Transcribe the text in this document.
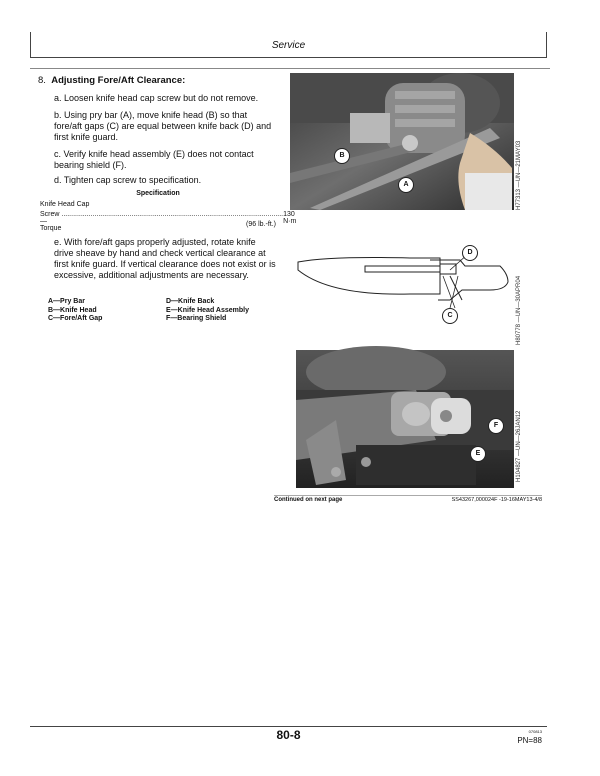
Service
8. Adjusting Fore/Aft Clearance:
a. Loosen knife head cap screw but do not remove.
b. Using pry bar (A), move knife head (B) so that fore/aft gaps (C) are equal between knife back (D) and first knife guard.
c. Verify knife head assembly (E) does not contact bearing shield (F).
d. Tighten cap screw to specification.
Specification
Knife Head Cap
Screw—Torque
.................................................................................................................. 130 N·m
(96 lb.-ft.)
e. With fore/aft gaps properly adjusted, rotate knife drive sheave by hand and check vertical clearance at first knife guard. If vertical clearance does not exist or is excessive, additional adjustments are necessary.
A—Pry Bar
B—Knife Head
C—Fore/Aft Gap
D—Knife Back
E—Knife Head Assembly
F—Bearing Shield
B
A	H77313 —UN—21MAY03
D
C	H80778 —UN—30APR04
F
E	H104827 —UN—26JAN12
Continued on next page	SS43267,000024F -19-16MAY13-4/8
80-8	070813
PN=88
